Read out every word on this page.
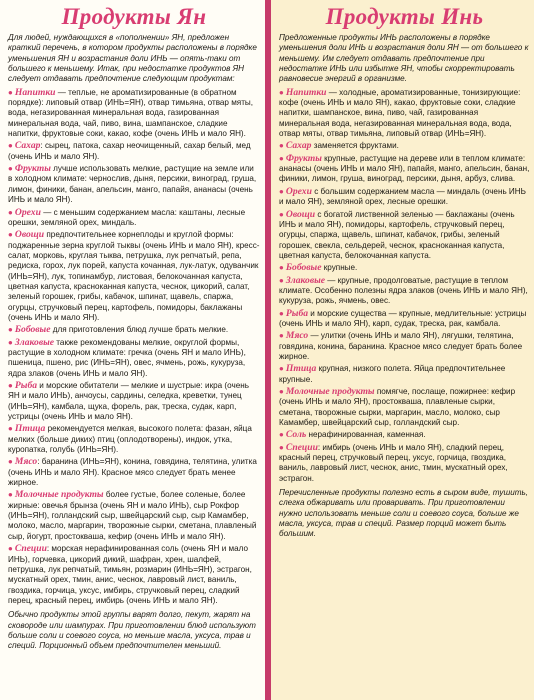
Продукты Ян

Для людей, нуждающихся в «пополнении» ЯН, предложен краткий перечень, в котором продукты расположены в порядке уменьшения ЯН и возрастания доли ИНЬ — опять-таки от большего к меньшему. Итак, при недостатке продуктов ЯН следует отдавать предпочтение следующим продуктам:

● Напитки — теплые, не ароматизированные (в обратном порядке): липовый отвар (ИНЬ=ЯН), отвар тимьяна, отвар мяты, вода, негазированная минеральная вода, газированная минеральная вода, чай, пиво, вина, шампанское, сладкие напитки, фруктовые соки, какао, кофе (очень ИНЬ и мало ЯН).

● Сахар: сырец, патока, сахар неочищенный, сахар белый, мед (очень ИНЬ и мало ЯН).

● Фрукты лучше использовать мелкие, растущие на земле или в холодном климате: чернослив, дыня, персики, виноград, груша, лимон, финики, банан, апельсин, манго, папайя, ананасы (очень ИНЬ и мало ЯН).

● Орехи — с меньшим содержанием масла: каштаны, лесные орешки, земляной орех, миндаль.

● Овощи предпочтительнее корнеплоды и круглой формы: поджаренные зерна круглой тыквы (очень ИНЬ и мало ЯН), кресс-салат, морковь, круглая тыква, петрушка, лук репчатый, репа, редиска, горох, лук порей, капуста кочанная, лук-латук, одуванчик (ИНЬ=ЯН), лук, топинамбур, листовая, белокочанная капуста, цветная капуста, красноканная капуста, чеснок, цикорий, салат, зеленый горошек, грибы, кабачок, шпинат, щавель, спаржа, огурцы, стручковый перец, картофель, помидоры, баклажаны (очень ИНЬ и мало ЯН).

● Бобовые для приготовления блюд лучше брать мелкие.

● Злаковые также рекомендованы мелкие, округлой формы, растущие в холодном климате: гречка (очень ЯН и мало ИНЬ), пшеница, пшено, рис (ИНЬ=ЯН), овес, ячмень, рожь, кукуруза, ядра злаков (очень ИНЬ и мало ЯН).

● Рыба и морские обитатели — мелкие и шустрые: икра (очень ЯН и мало ИНЬ), анчоусы, сардины, селедка, креветки, тунец (ИНЬ=ЯН), камбала, щука, форель, рак, треска, судак, карп, устрицы (очень ИНЬ и мало ЯН).

● Птица рекомендуется мелкая, высокого полета: фазан, яйца мелких (больше диких) птиц (оплодотворены), индюк, утка, куропатка, голубь (ИНЬ=ЯН).

● Мясо: баранина (ИНЬ=ЯН), конина, говядина, телятина, улитка (очень ИНЬ и мало ЯН). Красное мясо следует брать менее жирное.

● Молочные продукты более густые, более соленые, более жирные: овечья брынза (очень ЯН и мало ИНЬ), сыр Рокфор (ИНЬ=ЯН), голландский сыр, швейцарский сыр, сыр Камамбер, молоко, масло, маргарин, творожные сырки, сметана, плавленый сыр, йогурт, простокваша, кефир (очень ИНЬ и мало ЯН).

● Специи: морская нерафинированная соль (очень ЯН и мало ИНЬ), горчевка, цикорий дикий, шафран, хрен, шалфей, петрушка, лук репчатый, тимьян, розмарин (ИНЬ=ЯН), эстрагон, мускатный орех, тмин, анис, чеснок, лавровый лист, ваниль, гвоздика, горчица, уксус, имбирь, стручковый перец, сладкий перец, красный перец, имбирь (очень ИНЬ и мало ЯН).

Обычно продукты этой группы варят долго, пекут, жарят на сковороде или шампурах. При приготовлении блюд используют больше соли и соевого соуса, но меньше масла, уксуса, трав и специй. Порционный объем предпочтителен меньший.

Продукты Инь

Предложенные продукты ИНЬ расположены в порядке уменьшения доли ИНЬ и возрастания доли ЯН — от большего к меньшему. Им следует отдавать предпочтение при недостатке ИНЬ или избытке ЯН, чтобы скорректировать равновесие энергий в организме.

● Напитки — холодные, ароматизированные, тонизирующие: кофе (очень ИНЬ и мало ЯН), какао, фруктовые соки, сладкие напитки, шампанское, вина, пиво, чай, газированная минеральная вода, негазированная минеральная вода, вода, отвар мяты, отвар тимьяна, липовый отвар (ИНЬ=ЯН).

● Сахар заменяется фруктами.

● Фрукты крупные, растущие на дереве или в теплом климате: ананасы (очень ИНЬ и мало ЯН), папайя, манго, апельсин, банан, финики, лимон, груша, виноград, персики, дыня, арбуз, слива.

● Орехи с большим содержанием масла — миндаль (очень ИНЬ и мало ЯН), земляной орех, лесные орешки.

● Овощи с богатой лиственной зеленью — баклажаны (очень ИНЬ и мало ЯН), помидоры, картофель, стручковый перец, огурцы, спаржа, щавель, шпинат, кабачок, грибы, зеленый горошек, свекла, сельдерей, чеснок, красноканная капуста, цветная капуста, белокочанная капуста.

● Бобовые крупные.

● Злаковые — крупные, продолговатые, растущие в теплом климате. Особенно полезны ядра злаков (очень ИНЬ и мало ЯН), кукуруза, рожь, ячмень, овес.

● Рыба и морские существа — крупные, медлительные: устрицы (очень ИНЬ и мало ЯН), карп, судак, треска, рак, камбала.

● Мясо — улитки (очень ИНЬ и мало ЯН), лягушки, телятина, говядина, конина, баранина. Красное мясо следует брать более жирное.

● Птица крупная, низкого полета. Яйца предпочтительнее крупные.

● Молочные продукты помягче, послаще, пожирнее: кефир (очень ИНЬ и мало ЯН), простокваша, плавленые сырки, сметана, творожные сырки, маргарин, масло, молоко, сыр Камамбер, швейцарский сыр, голландский сыр.

● Соль нерафинированная, каменная.

● Специи: имбирь (очень ИНЬ и мало ЯН), сладкий перец, красный перец, стручковый перец, уксус, горчица, гвоздика, ваниль, лавровый лист, чеснок, анис, тмин, мускатный орех, эстрагон.

Перечисленные продукты полезно есть в сыром виде, тушить, слегка обжаривать или проваривать. При приготовлении нужно использовать меньше соли и соевого соуса, больше же масла, уксуса, трав и специй. Размер порций может быть большим.
